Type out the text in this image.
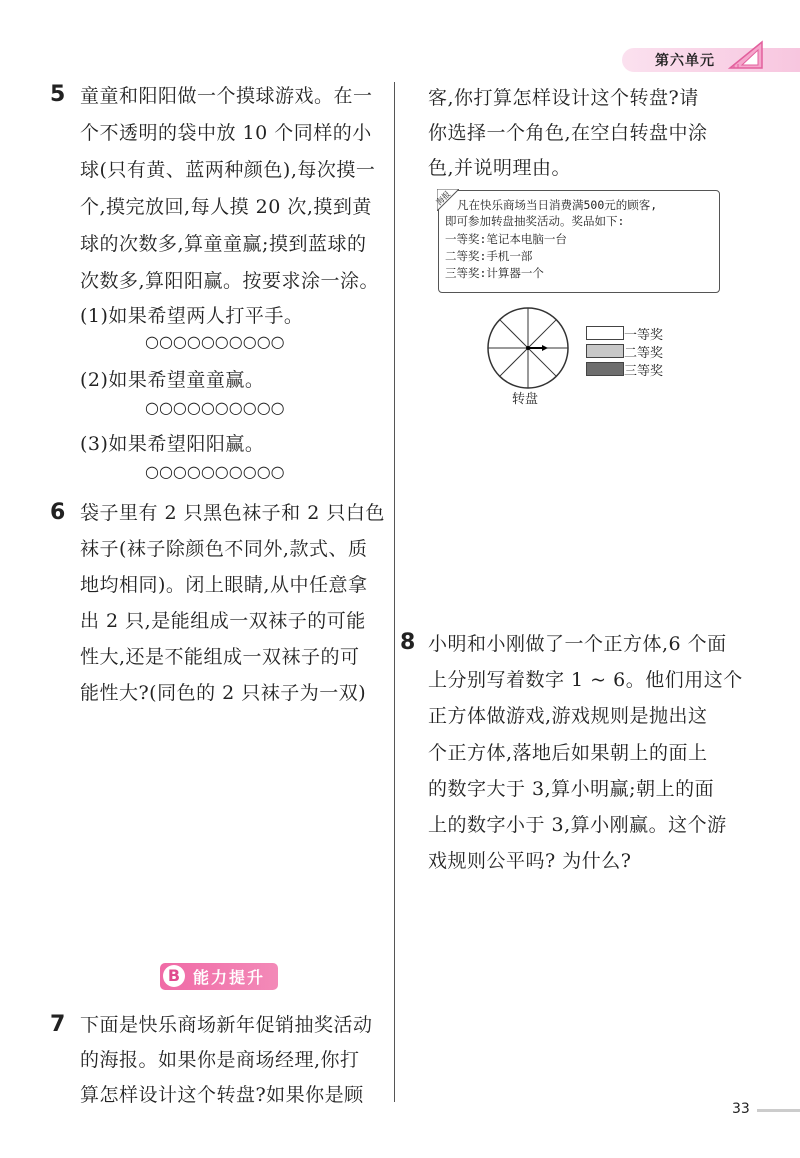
第六单元
5 童童和阳阳做一个摸球游戏。在一
个不透明的袋中放 10 个同样的小
球(只有黄、蓝两种颜色),每次摸一
个,摸完放回,每人摸 20 次,摸到黄
球的次数多,算童童赢;摸到蓝球的
次数多,算阳阳赢。按要求涂一涂。
(1)如果希望两人打平手。
○○○○○○○○○○
(2)如果希望童童赢。
○○○○○○○○○○
(3)如果希望阳阳赢。
○○○○○○○○○○
6 袋子里有 2 只黑色袜子和 2 只白色
袜子(袜子除颜色不同外,款式、质
地均相同)。闭上眼睛,从中任意拿
出 2 只,是能组成一双袜子的可能
性大,还是不能组成一双袜子的可
能性大?(同色的 2 只袜子为一双)
B 能力提升
7 下面是快乐商场新年促销抽奖活动
的海报。如果你是商场经理,你打
算怎样设计这个转盘?如果你是顾
客,你打算怎样设计这个转盘?请
你选择一个角色,在空白转盘中涂
色,并说明理由。
海报 凡在快乐商场当日消费满500元的顾客,
即可参加转盘抽奖活动。奖品如下:
一等奖:笔记本电脑一台
二等奖:手机一部
三等奖:计算器一个
转盘
一等奖
二等奖
三等奖
8 小明和小刚做了一个正方体,6 个面
上分别写着数字 1 ~ 6。他们用这个
正方体做游戏,游戏规则是抛出这
个正方体,落地后如果朝上的面上
的数字大于 3,算小明赢;朝上的面
上的数字小于 3,算小刚赢。这个游
戏规则公平吗? 为什么?
33
